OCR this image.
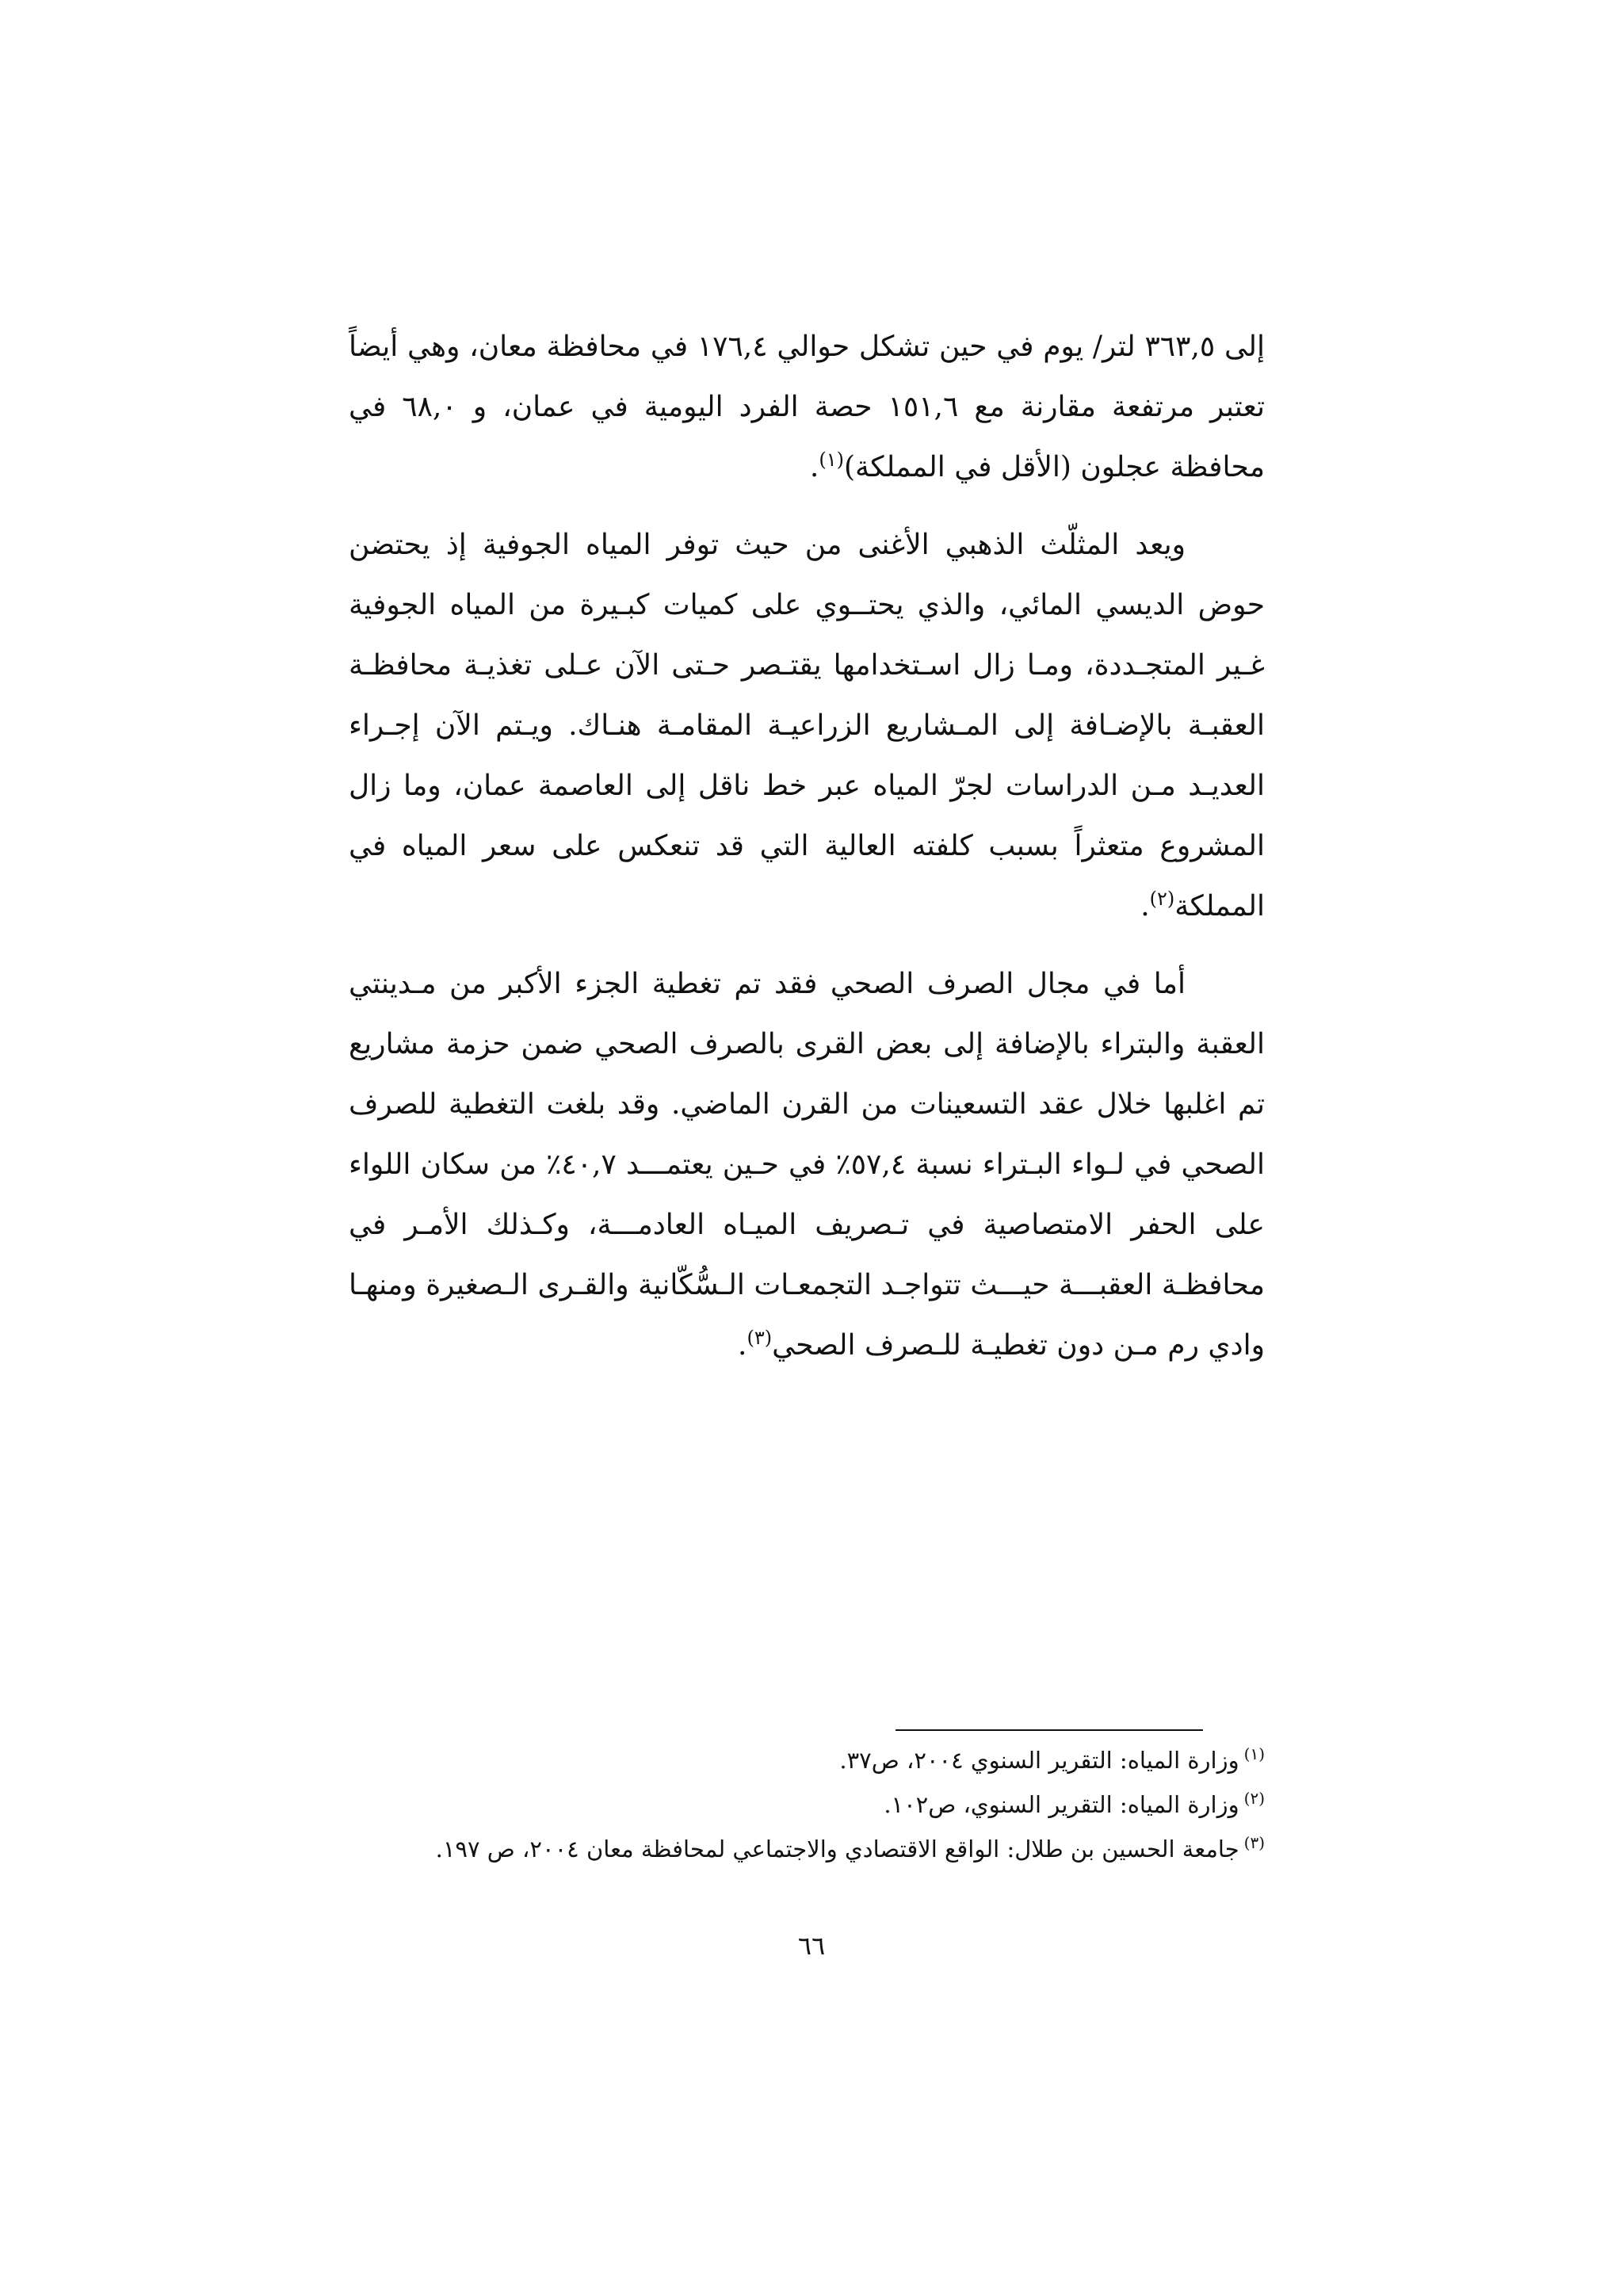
إلى ٣٦٣,٥ لتر/ يوم في حين تشكل حوالي ١٧٦,٤ في محافظة معان، وهي أيضاً تعتبر مرتفعة مقارنة مع ١٥١,٦ حصة الفرد اليومية في عمان، و ٦٨,٠ في محافظة عجلون (الأقل في المملكة)$^{(١)}$.

ويعد المثلّث الذهبي الأغنى من حيث توفر المياه الجوفية إذ يحتضن حوض الديسي المائي، والذي يحتــوي على كميات كبـيرة من المياه الجوفية غـير المتجـددة، ومـا زال اسـتخدامها يقتـصر حـتى الآن عـلى تغذيـة محافظـة العقبـة بالإضـافة إلى المـشاريع الزراعيـة المقامـة هنـاك. ويـتم الآن إجـراء العديـد مـن الدراسات لجرّ المياه عبر خط ناقل إلى العاصمة عمان، وما زال المشروع متعثراً بسبب كلفته العالية التي قد تنعكس على سعر المياه في المملكة$^{(٢)}$.

أما في مجال الصرف الصحي فقد تم تغطية الجزء الأكبر من مـدينتي العقبة والبتراء بالإضافة إلى بعض القرى بالصرف الصحي ضمن حزمة مشاريع تم اغلبها خلال عقد التسعينات من القرن الماضي. وقد بلغت التغطية للصرف الصحي في لـواء البـتراء نسبة ٥٧,٤٪ في حـين يعتمـــد ٤٠,٧٪ من سكان اللواء على الحفر الامتصاصية في تـصريف الميـاه العادمـــة، وكـذلك الأمـر في محافظـة العقبـــة حيـــث تتواجـد التجمعـات الـسُّكّانية والقـرى الـصغيرة ومنهـا وادي رم مـن دون تغطيـة للـصرف الصحي$^{(٣)}$.

$^{(١)}$وزارة المياه: التقرير السنوي ٢٠٠٤، ص٣٧.
$^{(٢)}$وزارة المياه: التقرير السنوي، ص١٠٢.
$^{(٣)}$جامعة الحسين بن طلال: الواقع الاقتصادي والاجتماعي لمحافظة معان ٢٠٠٤، ص ١٩٧.
٦٦
